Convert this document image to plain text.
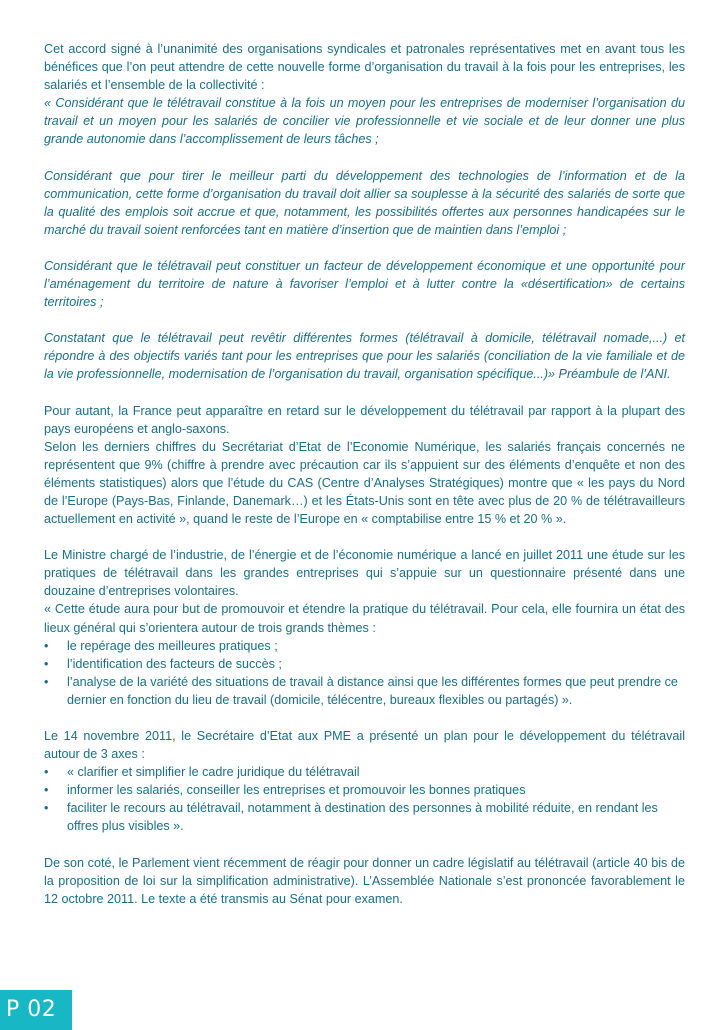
Cet accord signé à l’unanimité des organisations syndicales et patronales représentatives met en avant tous les bénéfices que l’on peut attendre de cette nouvelle forme d’organisation du travail à la fois pour les entreprises, les salariés et l’ensemble de la collectivité :

« Considérant que le télétravail constitue à la fois un moyen pour les entreprises de moderniser l’organisation du travail et un moyen pour les salariés de concilier vie professionnelle et vie sociale et de leur donner une plus grande autonomie dans l’accomplissement de leurs tâches ;

Considérant que pour tirer le meilleur parti du développement des technologies de l’information et de la communication, cette forme d’organisation du travail doit allier sa souplesse à la sécurité des salariés de sorte que la qualité des emplois soit accrue et que, notamment, les possibilités offertes aux personnes handicapées sur le marché du travail soient renforcées tant en matière d’insertion que de maintien dans l’emploi ;

Considérant que le télétravail peut constituer un facteur de développement économique et une opportunité pour l’aménagement du territoire de nature à favoriser l’emploi et à lutter contre la «désertification» de certains territoires ;

Constatant que le télétravail peut revêtir différentes formes (télétravail à domicile, télétravail nomade,...) et répondre à des objectifs variés tant pour les entreprises que pour les salariés (conciliation de la vie familiale et de la vie professionnelle, modernisation de l’organisation du travail, organisation spécifique...)» Préambule de l’ANI.

Pour autant, la France peut apparaître en retard sur le développement du télétravail par rapport à la plupart des pays européens et anglo-saxons.

Selon les derniers chiffres du Secrétariat d’Etat de l’Economie Numérique, les salariés français concernés ne représentent que 9% (chiffre à prendre avec précaution car ils s’appuient sur des éléments d’enquête et non des éléments statistiques) alors que l’étude du CAS (Centre d’Analyses Stratégiques) montre que « les pays du Nord de l’Europe (Pays-Bas, Finlande, Danemark…) et les États-Unis sont en tête avec plus de 20 % de télétravailleurs actuellement en activité », quand le reste de l’Europe en « comptabilise entre 15 % et 20 % ».

Le Ministre chargé de l’industrie, de l’énergie et de l’économie numérique a lancé en juillet 2011 une étude sur les pratiques de télétravail dans les grandes entreprises qui s’appuie sur un questionnaire présenté dans une douzaine d’entreprises volontaires.

« Cette étude aura pour but de promouvoir et étendre la pratique du télétravail. Pour cela, elle fournira un état des lieux général qui s’orientera autour de trois grands thèmes :

•	le repérage des meilleures pratiques ;
•	l’identification des facteurs de succès ;
•	l’analyse de la variété des situations de travail à distance ainsi que les différentes formes que peut prendre ce dernier en fonction du lieu de travail (domicile, télécentre, bureaux flexibles ou partagés) ».

Le 14 novembre 2011, le Secrétaire d’Etat aux PME a présenté un plan pour le développement du télétravail autour de 3 axes :

•	« clarifier et simplifier le cadre juridique du télétravail
•	informer les salariés, conseiller les entreprises et promouvoir les bonnes pratiques
•	faciliter le recours au télétravail, notamment à destination des personnes à mobilité réduite, en rendant les offres plus visibles ».

De son coté, le Parlement vient récemment de réagir pour donner un cadre législatif au télétravail (article 40 bis de la proposition de loi sur la simplification administrative). L’Assemblée Nationale s’est prononcée favorablement le 12 octobre 2011. Le texte a été transmis au Sénat pour examen.

P 02
